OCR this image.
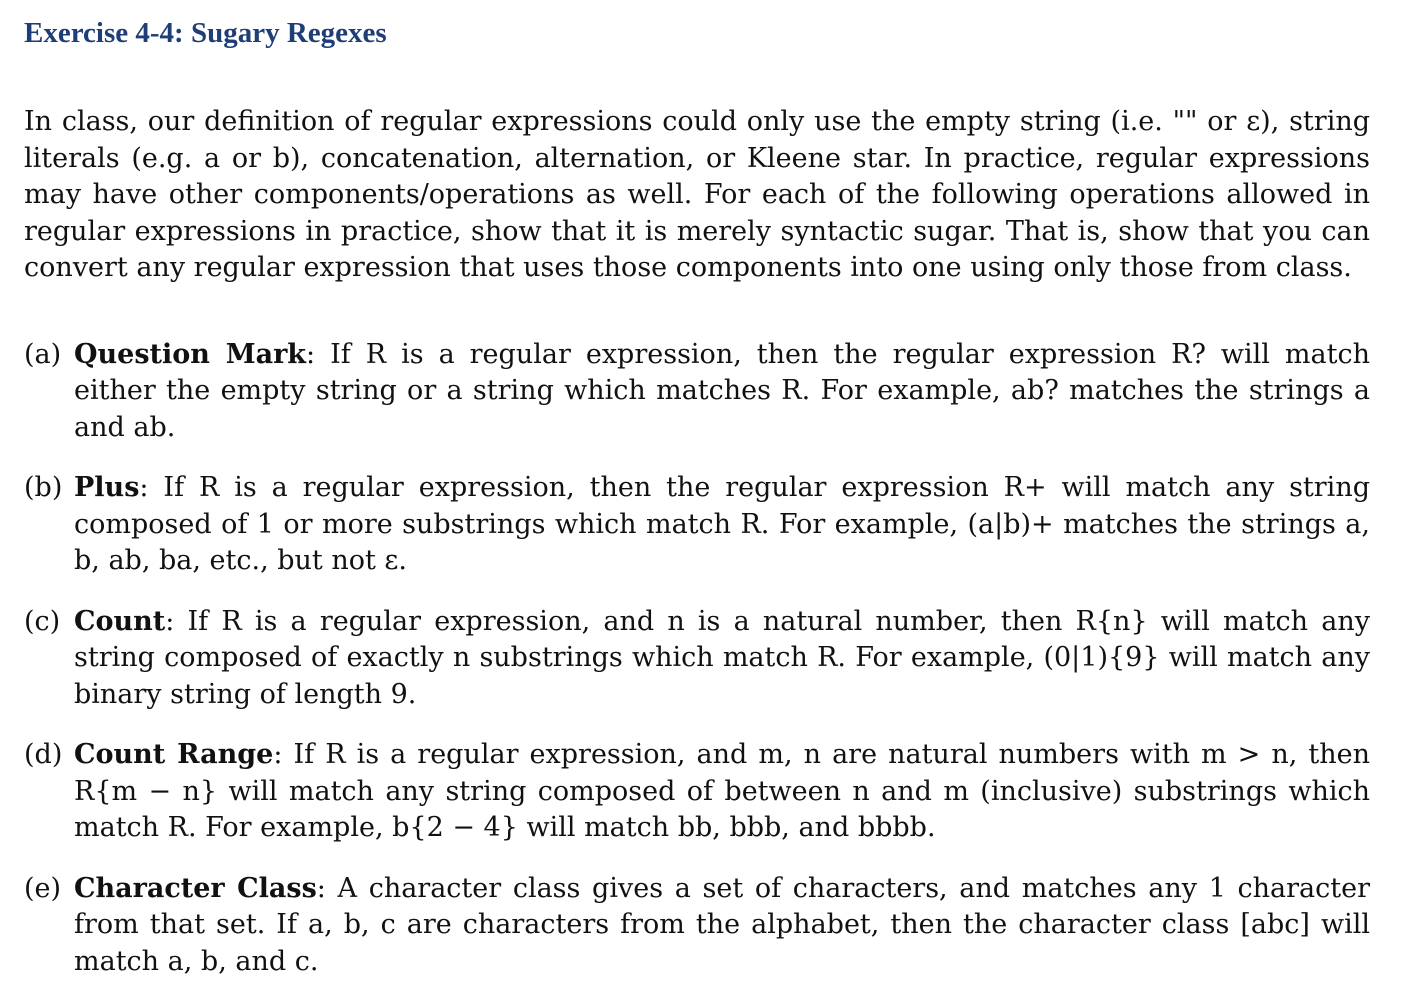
Exercise 4-4: Sugary Regexes

In class, our definition of regular expressions could only use the empty string (i.e. "" or ε), string literals (e.g. a or b), concatenation, alternation, or Kleene star. In practice, regular expressions may have other components/operations as well. For each of the following operations allowed in regular expressions in practice, show that it is merely syntactic sugar. That is, show that you can convert any regular expression that uses those components into one using only those from class.

(a) Question Mark: If R is a regular expression, then the regular expression R? will match either the empty string or a string which matches R. For example, ab? matches the strings a and ab.
(b) Plus: If R is a regular expression, then the regular expression R+ will match any string composed of 1 or more substrings which match R. For example, (a|b)+ matches the strings a, b, ab, ba, etc., but not ε.
(c) Count: If R is a regular expression, and n is a natural number, then R{n} will match any string composed of exactly n substrings which match R. For example, (0|1){9} will match any binary string of length 9.
(d) Count Range: If R is a regular expression, and m, n are natural numbers with m > n, then R{m − n} will match any string composed of between n and m (inclusive) substrings which match R. For example, b{2 − 4} will match bb, bbb, and bbbb.
(e) Character Class: A character class gives a set of characters, and matches any 1 character from that set. If a, b, c are characters from the alphabet, then the character class [abc] will match a, b, and c.
